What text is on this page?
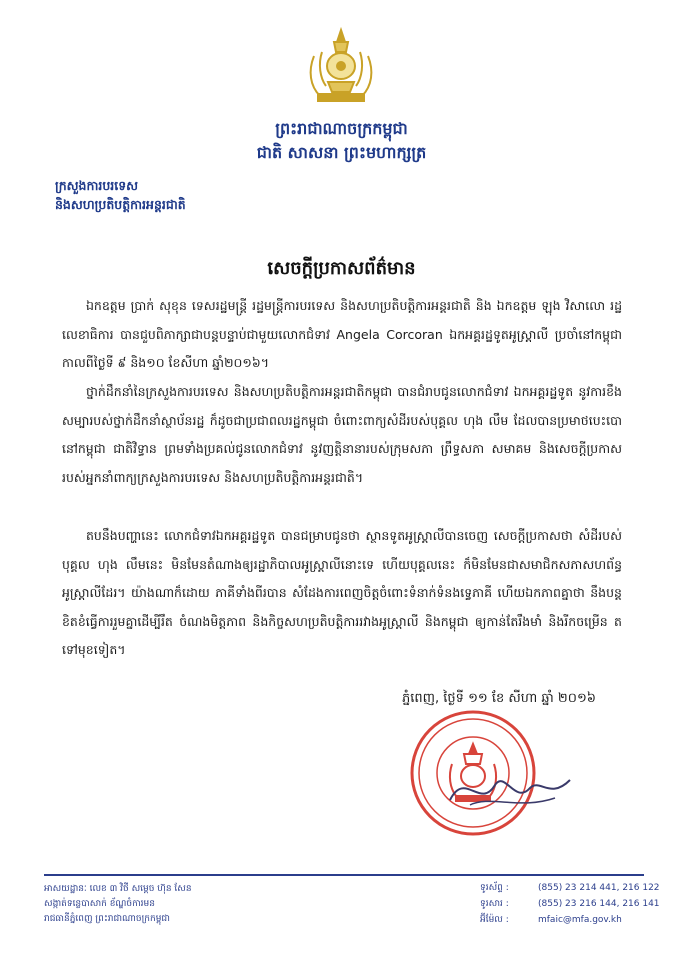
ព្រះរាជាណាចក្រកម្ពុជា
ជាតិ សាសនា ព្រះមហាក្សត្រ
ក្រសួងការបរទេស
និងសហប្រតិបត្តិការអន្តរជាតិ
សេចក្តីប្រកាសព័ត៌មាន
ឯកឧត្តម ប្រាក់ សុខុន ទេសរដ្ឋមន្ត្រី រដ្ឋមន្ត្រីការបរទេស និងសហប្រតិបត្តិការអន្តរជាតិ និង ឯកឧត្តម ឡុង វិសាលោ រដ្ឋលេខាធិការ បានជួបពិភាក្សាជាបន្តបន្ទាប់ជាមួយលោកជំទាវ Angela Corcoran ឯកអគ្គរដ្ឋទូតអូស្ត្រាលី ប្រចាំនៅកម្ពុជា កាលពីថ្ងៃទី ៩ និង១០ ខែសីហា ឆ្នាំ២០១៦។
ថ្នាក់ដឹកនាំនៃក្រសួងការបរទេស និងសហប្រតិបត្តិការអន្តរជាតិកម្ពុជា បានជំរាបជូនលោកជំទាវ ឯកអគ្គរដ្ឋទូត នូវការខឹងសម្បារបស់ថ្នាក់ដឹកនាំស្ថាប័នរដ្ឋ ក៏ដូចជាប្រជាពលរដ្ឋកម្ពុជា ចំពោះពាក្យសំដីរបស់បុគ្គល ហុង លឹម ដែលបានប្រមាថបេះបោនៅកម្ពុជា ជាតិវិទ្ធាន ព្រមទាំងប្រគល់ជូនលោកជំទាវ នូវញត្តិនានារបស់ក្រុមសភា ព្រឹទ្ធសភា សមាគម និងសេចក្តីប្រកាស របស់អ្នកនាំពាក្យក្រសួងការបរទេស និងសហប្រតិបត្តិការអន្តរជាតិ។
តបនឹងបញ្ហានេះ លោកជំទាវឯកអគ្គរដ្ឋទូត បានជម្រាបជូនថា ស្ថានទូតអូស្ត្រាលីបានចេញ សេចក្តីប្រកាសថា សំដីរបស់បុគ្គល ហុង លឹមនេះ មិនមែនតំណាងឲ្យរដ្ឋាភិបាលអូស្ត្រាលីនោះទេ ហើយបុគ្គលនេះ ក៏មិនមែនជាសមាជិកសភាសហព័ន្ធអូស្ត្រាលីដែរ។ យ៉ាងណាក៏ដោយ ភាគីទាំងពីរបាន សំដែងការពេញចិត្តចំពោះទំនាក់ទំនងទ្វេភាគី ហើយឯកភាពគ្នាថា នឹងបន្តខិតខំធ្វើការរួមគ្នាដើម្បីរឹត ចំណងមិត្តភាព និងកិច្ចសហប្រតិបត្តិការរវាងអូស្ត្រាលី និងកម្ពុជា ឲ្យកាន់តែរឹងមាំ និងរីកចម្រើន តទៅមុខទៀត។
ភ្នំពេញ, ថ្ងៃទី ១១ ខែ សីហា ឆ្នាំ ២០១៦
អាសយដ្ឋានៈ លេខ ៣ វិថី សម្តេច ហ៊ុន សែន
សង្កាត់ទន្លេបាសាក់ ខ័ណ្ឌចំការមន
រាជធានីភ្នំពេញ ព្រះរាជាណាចក្រកម្ពុជា
ទូរស័ព្ទ :	(855) 23 214 441, 216 122
ទូរសារ :	(855) 23 216 144, 216 141
អ៊ីម៉ែល :	mfaic@mfa.gov.kh
